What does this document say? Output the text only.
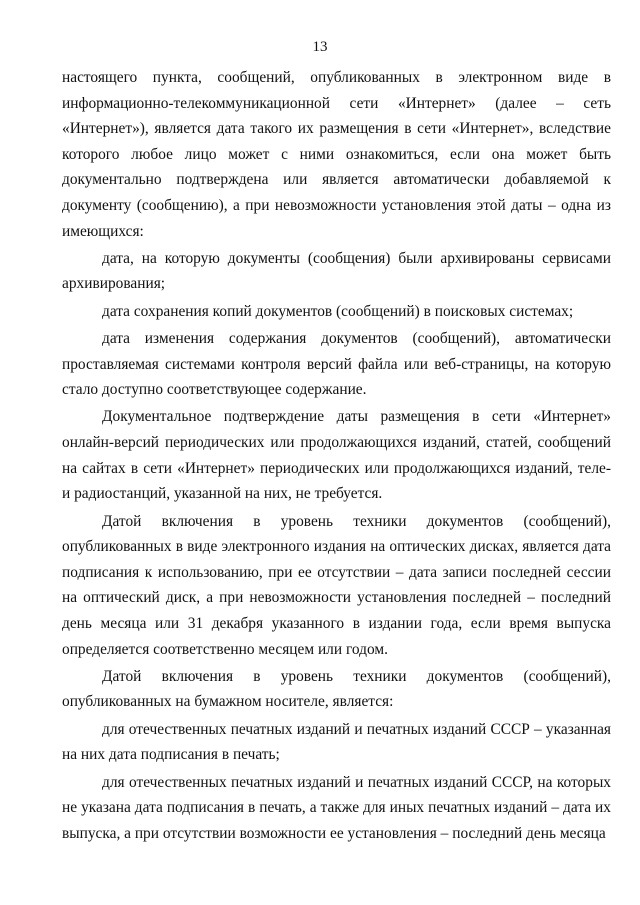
13

настоящего пункта, сообщений, опубликованных в электронном виде в информационно-телекоммуникационной сети «Интернет» (далее – сеть «Интернет»), является дата такого их размещения в сети «Интернет», вследствие которого любое лицо может с ними ознакомиться, если она может быть документально подтверждена или является автоматически добавляемой к документу (сообщению), а при невозможности установления этой даты – одна из имеющихся:

дата, на которую документы (сообщения) были архивированы сервисами архивирования;

дата сохранения копий документов (сообщений) в поисковых системах;

дата изменения содержания документов (сообщений), автоматически проставляемая системами контроля версий файла или веб-страницы, на которую стало доступно соответствующее содержание.

Документальное подтверждение даты размещения в сети «Интернет» онлайн-версий периодических или продолжающихся изданий, статей, сообщений на сайтах в сети «Интернет» периодических или продолжающихся изданий, теле- и радиостанций, указанной на них, не требуется.

Датой включения в уровень техники документов (сообщений), опубликованных в виде электронного издания на оптических дисках, является дата подписания к использованию, при ее отсутствии – дата записи последней сессии на оптический диск, а при невозможности установления последней – последний день месяца или 31 декабря указанного в издании года, если время выпуска определяется соответственно месяцем или годом.

Датой включения в уровень техники документов (сообщений), опубликованных на бумажном носителе, является:

для отечественных печатных изданий и печатных изданий СССР – указанная на них дата подписания в печать;

для отечественных печатных изданий и печатных изданий СССР, на которых не указана дата подписания в печать, а также для иных печатных изданий – дата их выпуска, а при отсутствии возможности ее установления – последний день месяца
